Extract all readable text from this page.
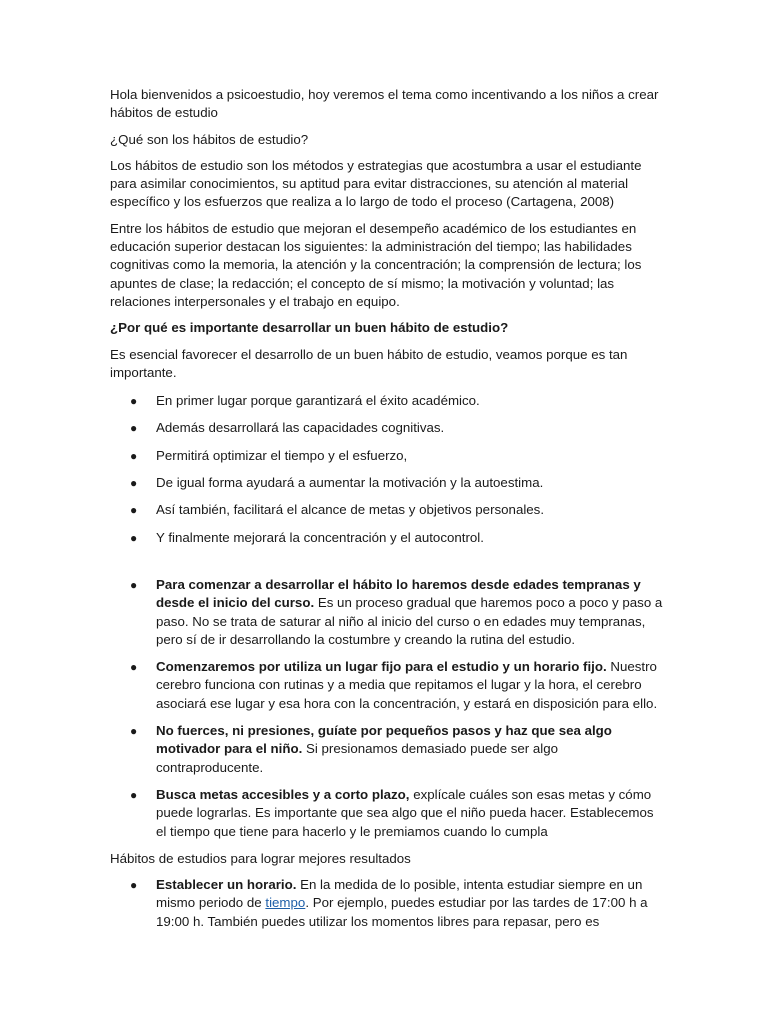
Hola bienvenidos a psicoestudio, hoy veremos el tema como incentivando a los niños a crear hábitos de estudio

¿Qué son los hábitos de estudio?

Los hábitos de estudio son los métodos y estrategias que acostumbra a usar el estudiante para asimilar conocimientos, su aptitud para evitar distracciones, su atención al material específico y los esfuerzos que realiza a lo largo de todo el proceso (Cartagena, 2008)

Entre los hábitos de estudio que mejoran el desempeño académico de los estudiantes en educación superior destacan los siguientes: la administración del tiempo; las habilidades cognitivas como la memoria, la atención y la concentración; la comprensión de lectura; los apuntes de clase; la redacción; el concepto de sí mismo; la motivación y voluntad; las relaciones interpersonales y el trabajo en equipo.

¿Por qué es importante desarrollar un buen hábito de estudio?

Es esencial favorecer el desarrollo de un buen hábito de estudio, veamos porque es tan importante.

● En primer lugar porque garantizará el éxito académico.
● Además desarrollará las capacidades cognitivas.
● Permitirá optimizar el tiempo y el esfuerzo,
● De igual forma ayudará a aumentar la motivación y la autoestima.
● Así también, facilitará el alcance de metas y objetivos personales.
● Y finalmente mejorará la concentración y el autocontrol.
● Para comenzar a desarrollar el hábito lo haremos desde edades tempranas y desde el inicio del curso. Es un proceso gradual que haremos poco a poco y paso a paso. No se trata de saturar al niño al inicio del curso o en edades muy tempranas, pero sí de ir desarrollando la costumbre y creando la rutina del estudio.
● Comenzaremos por utiliza un lugar fijo para el estudio y un horario fijo. Nuestro cerebro funciona con rutinas y a media que repitamos el lugar y la hora, el cerebro asociará ese lugar y esa hora con la concentración, y estará en disposición para ello.
● No fuerces, ni presiones, guíate por pequeños pasos y haz que sea algo motivador para el niño. Si presionamos demasiado puede ser algo contraproducente.
● Busca metas accesibles y a corto plazo, explícale cuáles son esas metas y cómo puede lograrlas. Es importante que sea algo que el niño pueda hacer. Establecemos el tiempo que tiene para hacerlo y le premiamos cuando lo cumpla

Hábitos de estudios para lograr mejores resultados

● Establecer un horario. En la medida de lo posible, intenta estudiar siempre en un mismo periodo de tiempo. Por ejemplo, puedes estudiar por las tardes de 17:00 h a 19:00 h. También puedes utilizar los momentos libres para repasar, pero es
